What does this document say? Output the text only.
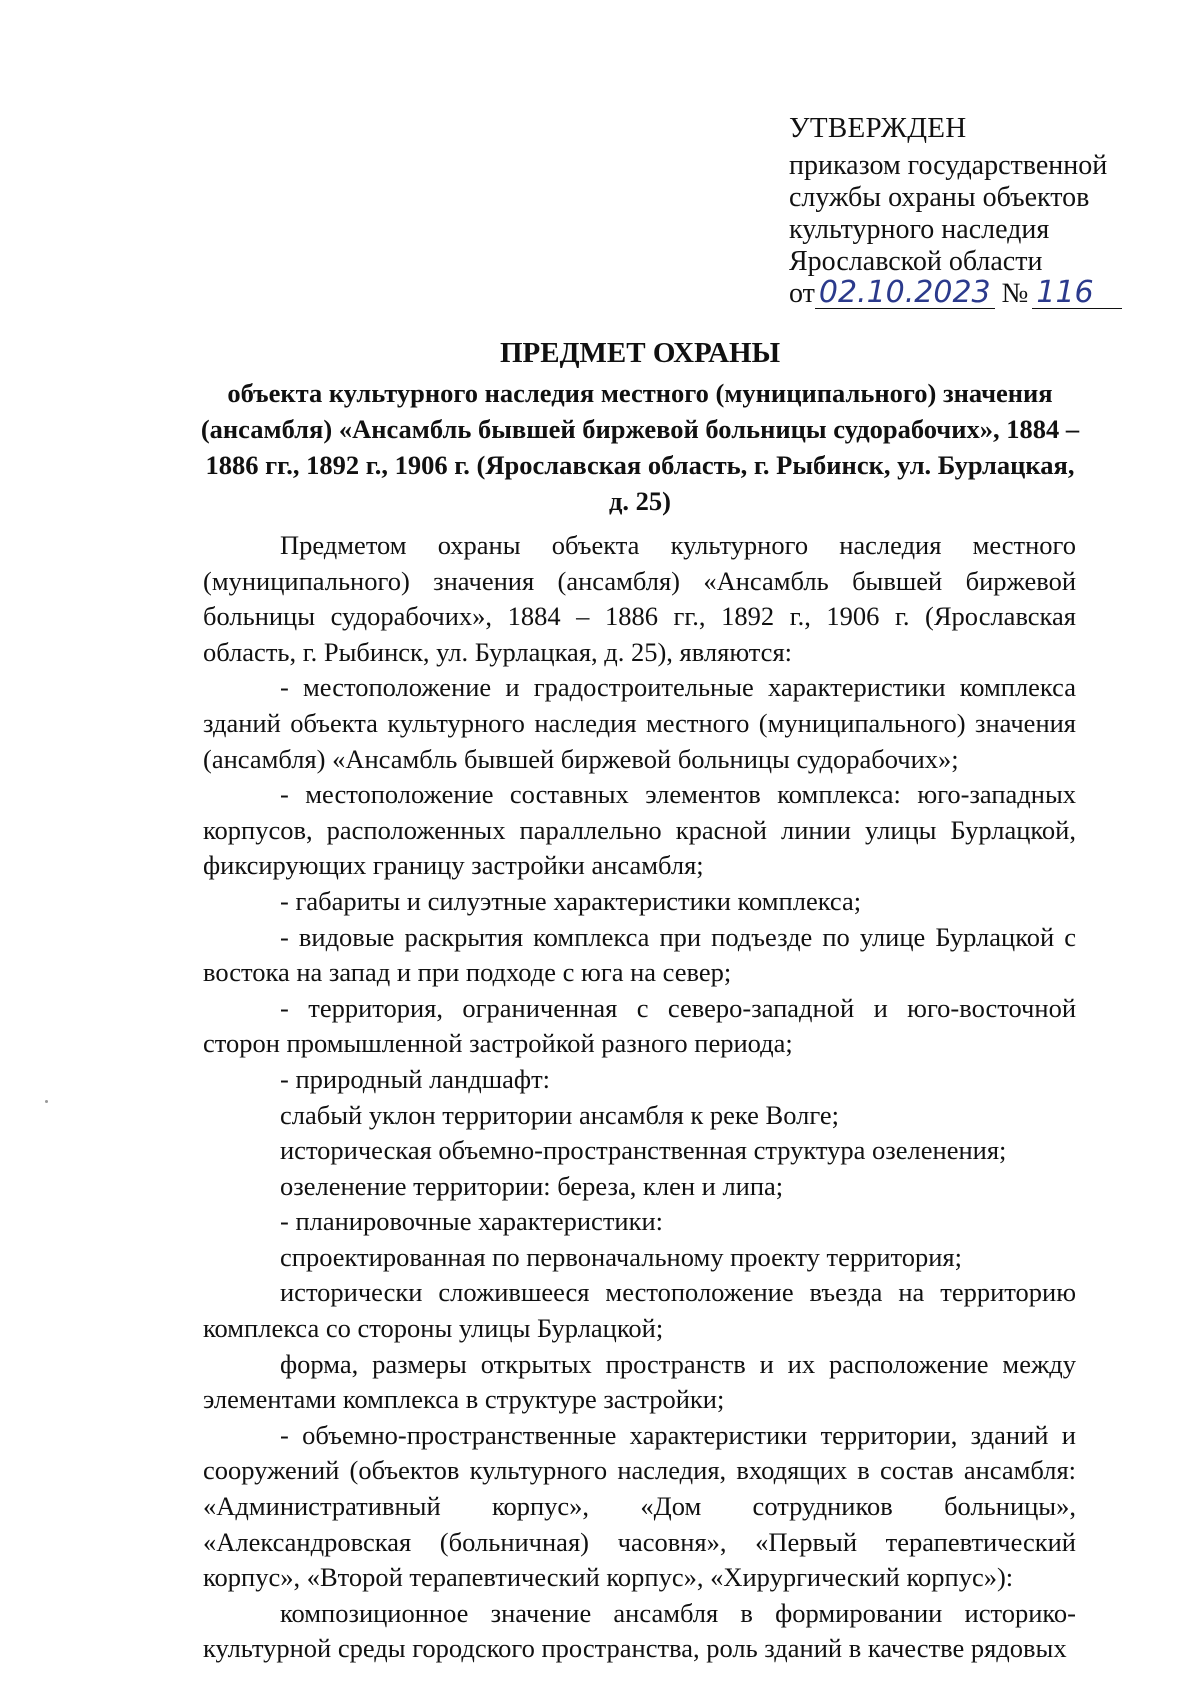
УТВЕРЖДЕН
приказом государственной
службы охраны объектов
культурного наследия
Ярославской области
от 02.10.2023 № 116
ПРЕДМЕТ ОХРАНЫ
объекта культурного наследия местного (муниципального) значения (ансамбля) «Ансамбль бывшей биржевой больницы судорабочих», 1884 – 1886 гг., 1892 г., 1906 г. (Ярославская область, г. Рыбинск, ул. Бурлацкая, д. 25)

Предметом охраны объекта культурного наследия местного (муниципального) значения (ансамбля) «Ансамбль бывшей биржевой больницы судорабочих», 1884 – 1886 гг., 1892 г., 1906 г. (Ярославская область, г. Рыбинск, ул. Бурлацкая, д. 25), являются:

- местоположение и градостроительные характеристики комплекса зданий объекта культурного наследия местного (муниципального) значения (ансамбля) «Ансамбль бывшей биржевой больницы судорабочих»;

- местоположение составных элементов комплекса: юго-западных корпусов, расположенных параллельно красной линии улицы Бурлацкой, фиксирующих границу застройки ансамбля;

- габариты и силуэтные характеристики комплекса;

- видовые раскрытия комплекса при подъезде по улице Бурлацкой с востока на запад и при подходе с юга на север;

- территория, ограниченная с северо-западной и юго-восточной сторон промышленной застройкой разного периода;

- природный ландшафт:

слабый уклон территории ансамбля к реке Волге;

историческая объемно-пространственная структура озеленения;

озеленение территории: береза, клен и липа;

- планировочные характеристики:

спроектированная по первоначальному проекту территория;

исторически сложившееся местоположение въезда на территорию комплекса со стороны улицы Бурлацкой;

форма, размеры открытых пространств и их расположение между элементами комплекса в структуре застройки;

- объемно-пространственные характеристики территории, зданий и сооружений (объектов культурного наследия, входящих в состав ансамбля: «Административный корпус», «Дом сотрудников больницы», «Александровская (больничная) часовня», «Первый терапевтический корпус», «Второй терапевтический корпус», «Хирургический корпус»):

композиционное значение ансамбля в формировании историко-культурной среды городского пространства, роль зданий в качестве рядовых
